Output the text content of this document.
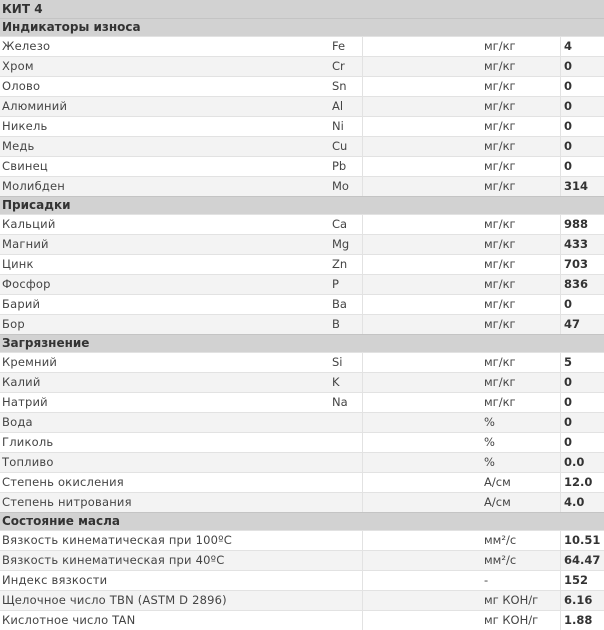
КИТ 4
Индикаторы износа
Железо	Fe	мг/кг	4
Хром	Cr	мг/кг	0
Олово	Sn	мг/кг	0
Алюминий	Al	мг/кг	0
Никель	Ni	мг/кг	0
Медь	Cu	мг/кг	0
Свинец	Pb	мг/кг	0
Молибден	Mo	мг/кг	314
Присадки
Кальций	Ca	мг/кг	988
Магний	Mg	мг/кг	433
Цинк	Zn	мг/кг	703
Фосфор	P	мг/кг	836
Барий	Ba	мг/кг	0
Бор	B	мг/кг	47
Загрязнение
Кремний	Si	мг/кг	5
Калий	K	мг/кг	0
Натрий	Na	мг/кг	0
Вода	%	0
Гликоль	%	0
Топливо	%	0.0
Степень окисления	А/см	12.0
Степень нитрования	А/см	4.0
Состояние масла
Вязкость кинематическая при 100ºC	мм²/с	10.51
Вязкость кинематическая при 40ºC	мм²/с	64.47
Индекс вязкости	-	152
Щелочное число TBN (ASTM D 2896)	мг КОН/г	6.16
Кислотное число TAN	мг КОН/г	1.88
